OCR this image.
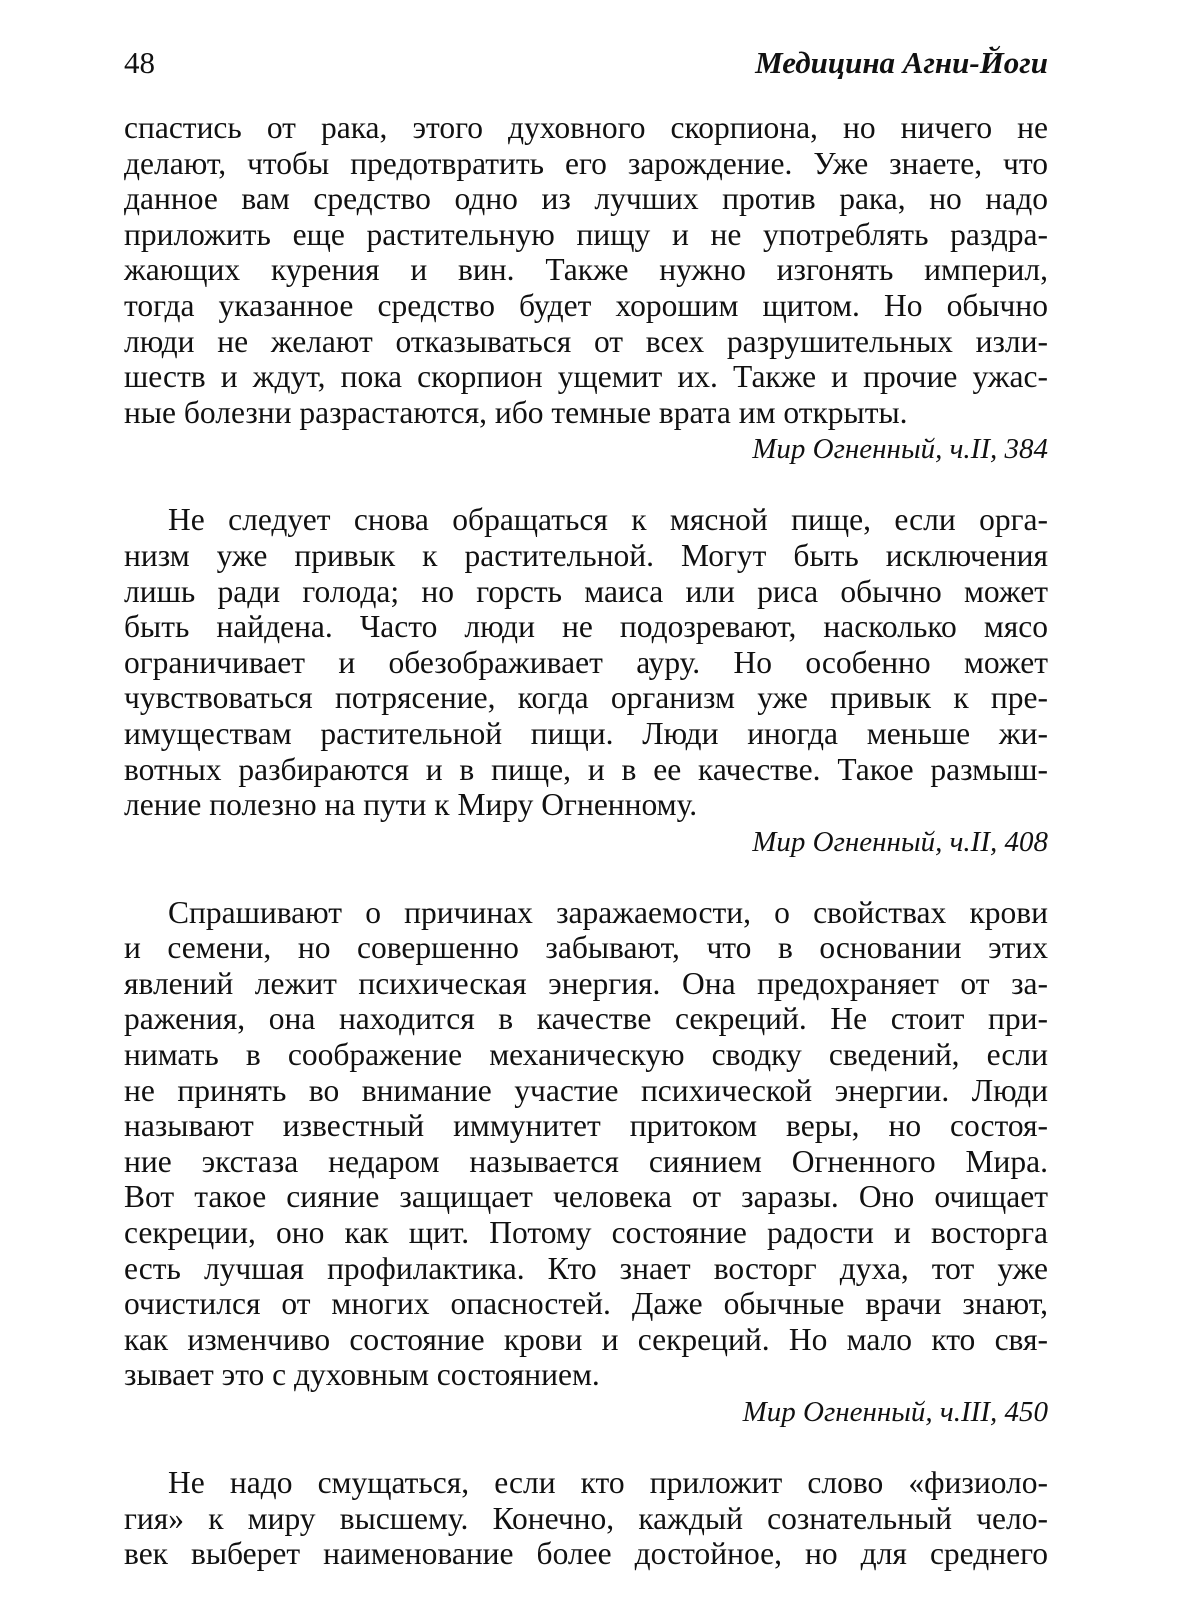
48	Медицина Агни-Йоги
спастись от рака, этого духовного скорпиона, но ничего не
делают, чтобы предотвратить его зарождение. Уже знаете, что
данное вам средство одно из лучших против рака, но надо
приложить еще растительную пищу и не употреблять раздра-
жающих курения и вин. Также нужно изгонять империл,
тогда указанное средство будет хорошим щитом. Но обычно
люди не желают отказываться от всех разрушительных изли-
шеств и ждут, пока скорпион ущемит их. Также и прочие ужас-
ные болезни разрастаются, ибо темные врата им открыты.
Мир Огненный, ч.II, 384
Не следует снова обращаться к мясной пище, если орга-
низм уже привык к растительной. Могут быть исключения
лишь ради голода; но горсть маиса или риса обычно может
быть найдена. Часто люди не подозревают, насколько мясо
ограничивает и обезображивает ауру. Но особенно может
чувствоваться потрясение, когда организм уже привык к пре-
имуществам растительной пищи. Люди иногда меньше жи-
вотных разбираются и в пище, и в ее качестве. Такое размыш-
ление полезно на пути к Миру Огненному.
Мир Огненный, ч.II, 408
Спрашивают о причинах заражаемости, о свойствах крови
и семени, но совершенно забывают, что в основании этих
явлений лежит психическая энергия. Она предохраняет от за-
ражения, она находится в качестве секреций. Не стоит при-
нимать в соображение механическую сводку сведений, если
не принять во внимание участие психической энергии. Люди
называют известный иммунитет притоком веры, но состоя-
ние экстаза недаром называется сиянием Огненного Мира.
Вот такое сияние защищает человека от заразы. Оно очищает
секреции, оно как щит. Потому состояние радости и восторга
есть лучшая профилактика. Кто знает восторг духа, тот уже
очистился от многих опасностей. Даже обычные врачи знают,
как изменчиво состояние крови и секреций. Но мало кто свя-
зывает это с духовным состоянием.
Мир Огненный, ч.III, 450
Не надо смущаться, если кто приложит слово «физиоло-
гия» к миру высшему. Конечно, каждый сознательный чело-
век выберет наименование более достойное, но для среднего
